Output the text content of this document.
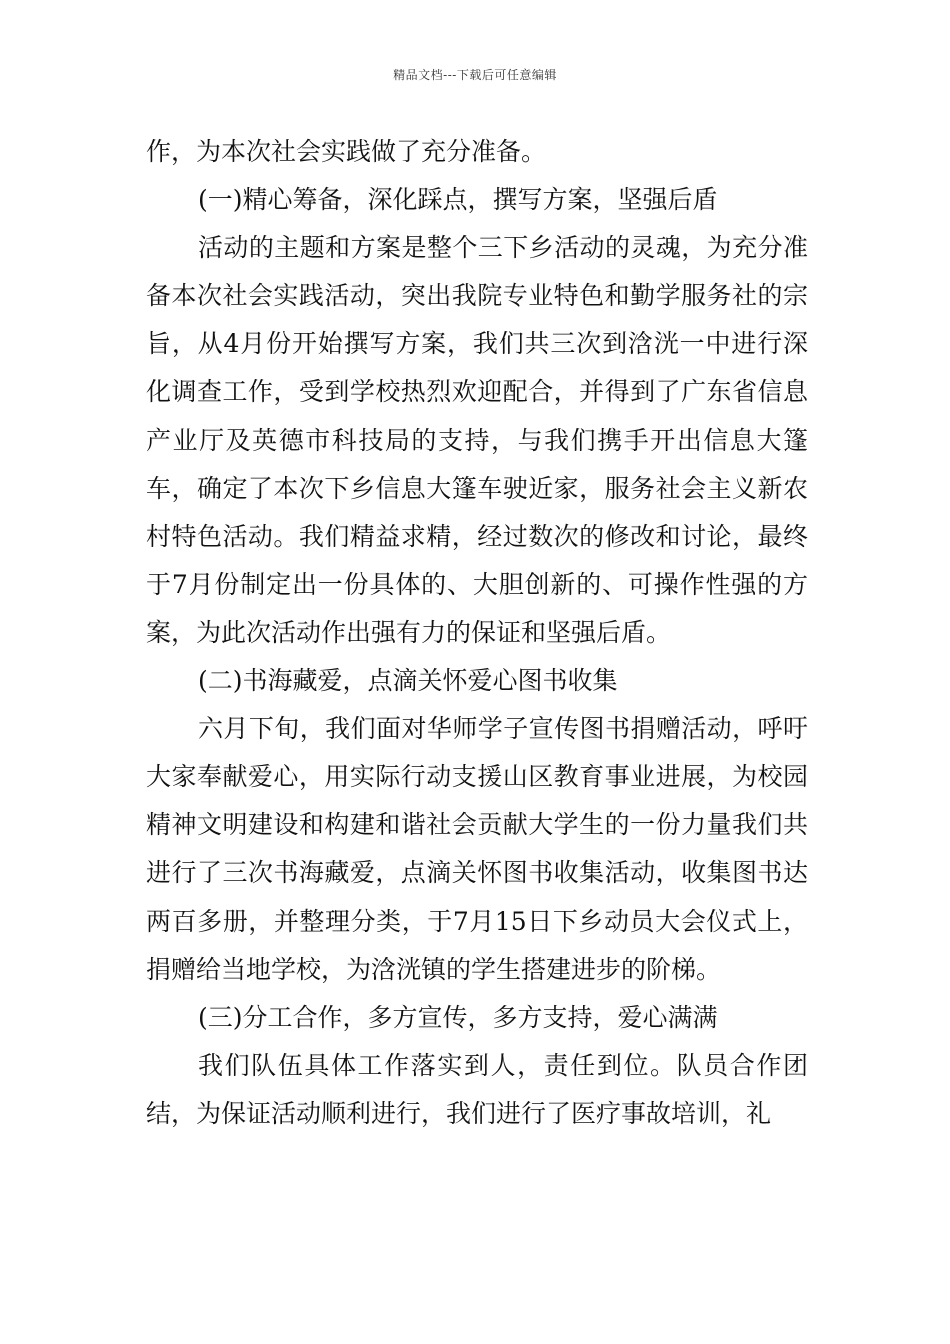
精品文档---下载后可任意编辑

作，为本次社会实践做了充分准备。

(一)精心筹备，深化踩点，撰写方案，坚强后盾

活动的主题和方案是整个三下乡活动的灵魂，为充分准备本次社会实践活动，突出我院专业特色和勤学服务社的宗旨，从4月份开始撰写方案，我们共三次到浛洸一中进行深化调查工作，受到学校热烈欢迎配合，并得到了广东省信息产业厅及英德市科技局的支持，与我们携手开出信息大篷车，确定了本次下乡信息大篷车驶近家，服务社会主义新农村特色活动。我们精益求精，经过数次的修改和讨论，最终于7月份制定出一份具体的、大胆创新的、可操作性强的方案，为此次活动作出强有力的保证和坚强后盾。

(二)书海藏爱，点滴关怀爱心图书收集

六月下旬，我们面对华师学子宣传图书捐赠活动，呼吁大家奉献爱心，用实际行动支援山区教育事业进展，为校园精神文明建设和构建和谐社会贡献大学生的一份力量我们共进行了三次书海藏爱，点滴关怀图书收集活动，收集图书达两百多册，并整理分类，于7月15日下乡动员大会仪式上，捐赠给当地学校，为浛洸镇的学生搭建进步的阶梯。

(三)分工合作，多方宣传，多方支持，爱心满满

我们队伍具体工作落实到人，责任到位。队员合作团结，为保证活动顺利进行，我们进行了医疗事故培训，礼
